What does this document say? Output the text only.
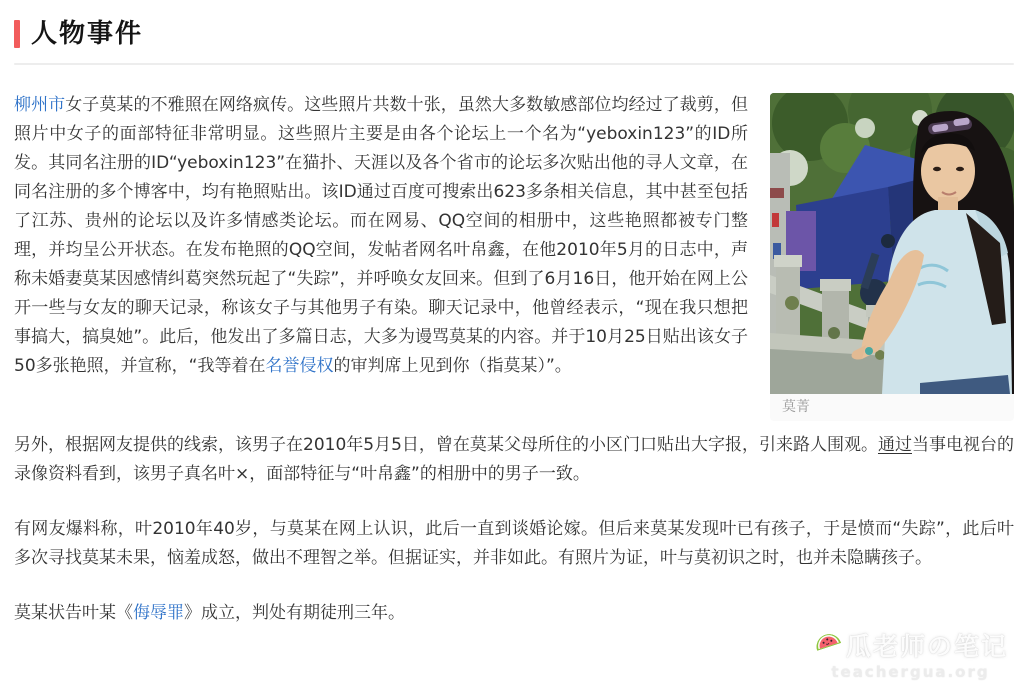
人物事件
莫菁

柳州市女子莫某的不雅照在网络疯传。这些照片共数十张，虽然大多数敏感部位均经过了裁剪，但照片中女子的面部特征非常明显。这些照片主要是由各个论坛上一个名为“yeboxin123”的ID所发。其同名注册的ID“yeboxin123”在猫扑、天涯以及各个省市的论坛多次贴出他的寻人文章，在同名注册的多个博客中，均有艳照贴出。该ID通过百度可搜索出623多条相关信息，其中甚至包括了江苏、贵州的论坛以及许多情感类论坛。而在网易、QQ空间的相册中，这些艳照都被专门整理，并均呈公开状态。在发布艳照的QQ空间，发帖者网名叶帛鑫，在他2010年5月的日志中，声称未婚妻莫某因感情纠葛突然玩起了“失踪”，并呼唤女友回来。但到了6月16日，他开始在网上公开一些与女友的聊天记录，称该女子与其他男子有染。聊天记录中，他曾经表示，“现在我只想把事搞大，搞臭她”。此后，他发出了多篇日志，大多为谩骂莫某的内容。并于10月25日贴出该女子50多张艳照，并宣称，“我等着在名誉侵权的审判席上见到你（指莫某）”。

另外，根据网友提供的线索，该男子在2010年5月5日，曾在莫某父母所住的小区门口贴出大字报，引来路人围观。通过当事电视台的录像资料看到，该男子真名叶×，面部特征与“叶帛鑫”的相册中的男子一致。

有网友爆料称，叶2010年40岁，与莫某在网上认识，此后一直到谈婚论嫁。但后来莫某发现叶已有孩子，于是愤而“失踪”，此后叶多次寻找莫某未果，恼羞成怒，做出不理智之举。但据证实，并非如此。有照片为证，叶与莫初识之时，也并未隐瞒孩子。

莫某状告叶某《侮辱罪》成立，判处有期徒刑三年。

瓜老师の笔记
teachergua.org
